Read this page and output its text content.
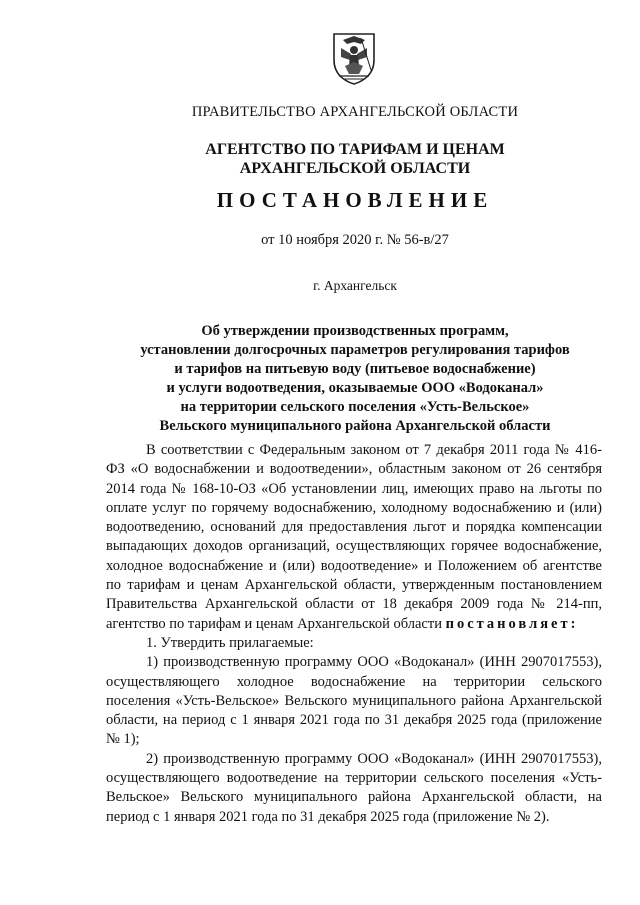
ПРАВИТЕЛЬСТВО АРХАНГЕЛЬСКОЙ ОБЛАСТИ
АГЕНТСТВО ПО ТАРИФАМ И ЦЕНАМ
АРХАНГЕЛЬСКОЙ ОБЛАСТИ
ПОСТАНОВЛЕНИЕ
от 10 ноября 2020 г. № 56-в/27
г. Архангельск
Об утверждении производственных программ,
установлении долгосрочных параметров регулирования тарифов
и тарифов на питьевую воду (питьевое водоснабжение)
и услуги водоотведения, оказываемые ООО «Водоканал»
на территории сельского поселения «Усть-Вельское»
Вельского муниципального района Архангельской области

В соответствии с Федеральным законом от 7 декабря 2011 года № 416-ФЗ «О водоснабжении и водоотведении», областным законом от 26 сентября 2014 года № 168-10-ОЗ «Об установлении лиц, имеющих право на льготы по оплате услуг по горячему водоснабжению, холодному водоснабжению и (или) водоотведению, оснований для предоставления льгот и порядка компенсации выпадающих доходов организаций, осуществляющих горячее водоснабжение, холодное водоснабжение и (или) водоотведение» и Положением об агентстве по тарифам и ценам Архангельской области, утвержденным постановлением Правительства Архангельской области от 18 декабря 2009 года № 214-пп, агентство по тарифам и ценам Архангельской области постановляет:

1. Утвердить прилагаемые:

1) производственную программу ООО «Водоканал» (ИНН 2907017553), осуществляющего холодное водоснабжение на территории сельского поселения «Усть-Вельское» Вельского муниципального района Архангельской области, на период с 1 января 2021 года по 31 декабря 2025 года (приложение № 1);

2) производственную программу ООО «Водоканал» (ИНН 2907017553), осуществляющего водоотведение на территории сельского поселения «Усть-Вельское» Вельского муниципального района Архангельской области, на период с 1 января 2021 года по 31 декабря 2025 года (приложение № 2).
